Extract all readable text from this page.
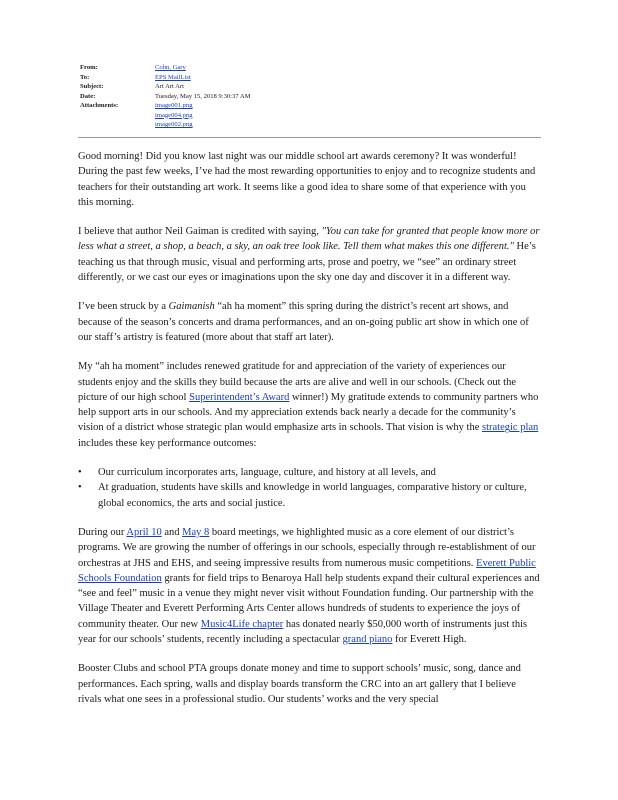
From:	Cohn, Gary
To:	EPS MailList
Subject:	Art Art Art
Date:	Tuesday, May 15, 2018 9:30:37 AM
Attachments:	image001.png
image004.png
image002.png

Good morning! Did you know last night was our middle school art awards ceremony? It was wonderful! During the past few weeks, I’ve had the most rewarding opportunities to enjoy and to recognize students and teachers for their outstanding art work. It seems like a good idea to share some of that experience with you this morning.

I believe that author Neil Gaiman is credited with saying, "You can take for granted that people know more or less what a street, a shop, a beach, a sky, an oak tree look like. Tell them what makes this one different." He’s teaching us that through music, visual and performing arts, prose and poetry, we “see” an ordinary street differently, or we cast our eyes or imaginations upon the sky one day and discover it in a different way.

I’ve been struck by a Gaimanish “ah ha moment” this spring during the district’s recent art shows, and because of the season’s concerts and drama performances, and an on-going public art show in which one of our staff’s artistry is featured (more about that staff art later).

My “ah ha moment” includes renewed gratitude for and appreciation of the variety of experiences our students enjoy and the skills they build because the arts are alive and well in our schools. (Check out the picture of our high school Superintendent’s Award winner!) My gratitude extends to community partners who help support arts in our schools. And my appreciation extends back nearly a decade for the community’s vision of a district whose strategic plan would emphasize arts in schools. That vision is why the strategic plan includes these key performance outcomes:

•	Our curriculum incorporates arts, language, culture, and history at all levels, and
•	At graduation, students have skills and knowledge in world languages, comparative history or culture, global economics, the arts and social justice.

During our April 10 and May 8 board meetings, we highlighted music as a core element of our district’s programs. We are growing the number of offerings in our schools, especially through re-establishment of our orchestras at JHS and EHS, and seeing impressive results from numerous music competitions. Everett Public Schools Foundation grants for field trips to Benaroya Hall help students expand their cultural experiences and “see and feel” music in a venue they might never visit without Foundation funding. Our partnership with the Village Theater and Everett Performing Arts Center allows hundreds of students to experience the joys of community theater. Our new Music4Life chapter has donated nearly $50,000 worth of instruments just this year for our schools’ students, recently including a spectacular grand piano for Everett High.

Booster Clubs and school PTA groups donate money and time to support schools’ music, song, dance and performances. Each spring, walls and display boards transform the CRC into an art gallery that I believe rivals what one sees in a professional studio. Our students’ works and the very special
